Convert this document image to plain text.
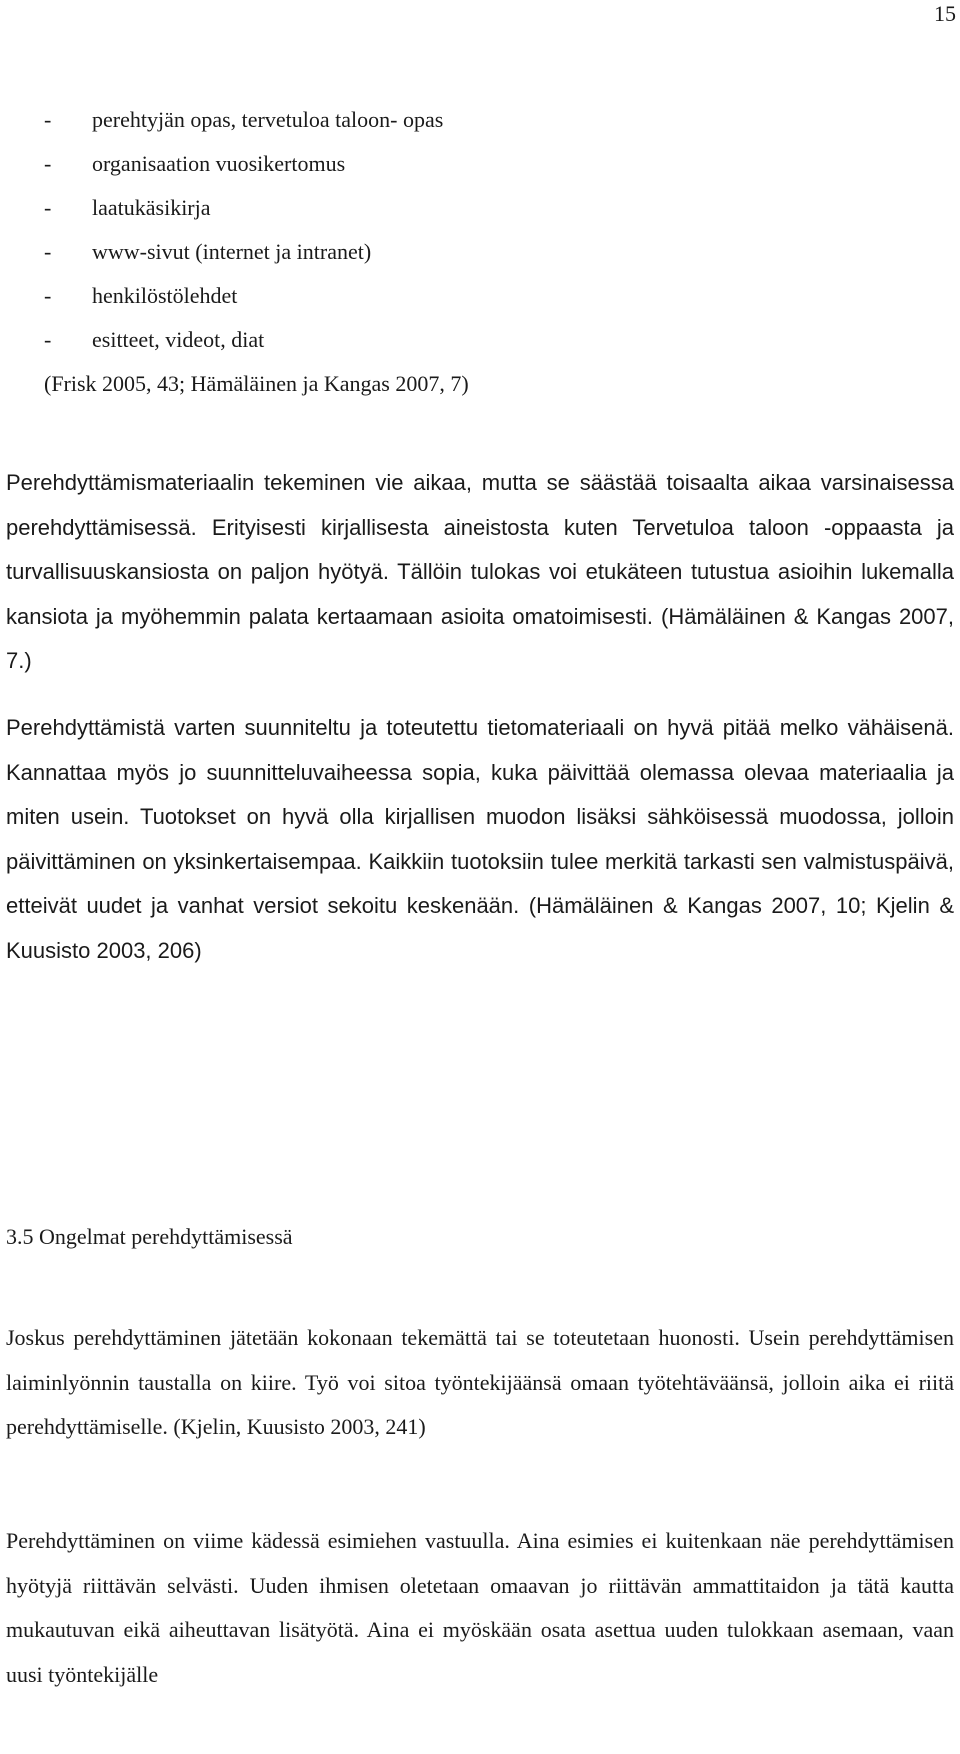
15
-	perehtyjän opas, tervetuloa taloon- opas
-	organisaation vuosikertomus
-	laatukäsikirja
-	www-sivut (internet ja intranet)
-	henkilöstölehdet
-	esitteet, videot, diat
(Frisk 2005, 43; Hämäläinen ja Kangas 2007, 7)

Perehdyttämismateriaalin tekeminen vie aikaa, mutta se säästää toisaalta aikaa varsinaisessa perehdyttämisessä. Erityisesti kirjallisesta aineistosta kuten Tervetuloa taloon -oppaasta ja turvallisuuskansiosta on paljon hyötyä. Tällöin tulokas voi etukäteen tutustua asioihin lukemalla kansiota ja myöhemmin palata kertaamaan asioita omatoimisesti. (Hämäläinen & Kangas 2007, 7.)

Perehdyttämistä varten suunniteltu ja toteutettu tietomateriaali on hyvä pitää melko vähäisenä. Kannattaa myös jo suunnitteluvaiheessa sopia, kuka päivittää olemassa olevaa materiaalia ja miten usein. Tuotokset on hyvä olla kirjallisen muodon lisäksi sähköisessä muodossa, jolloin päivittäminen on yksinkertaisempaa. Kaikkiin tuotoksiin tulee merkitä tarkasti sen valmistuspäivä, etteivät uudet ja vanhat versiot sekoitu keskenään. (Hämäläinen & Kangas 2007, 10; Kjelin & Kuusisto 2003, 206)

3.5 Ongelmat perehdyttämisessä

Joskus perehdyttäminen jätetään kokonaan tekemättä tai se toteutetaan huonosti. Usein perehdyttämisen laiminlyönnin taustalla on kiire. Työ voi sitoa työntekijäänsä omaan työtehtäväänsä, jolloin aika ei riitä perehdyttämiselle. (Kjelin, Kuusisto 2003, 241)

Perehdyttäminen on viime kädessä esimiehen vastuulla. Aina esimies ei kuitenkaan näe perehdyttämisen hyötyjä riittävän selvästi. Uuden ihmisen oletetaan omaavan jo riittävän ammattitaidon ja tätä kautta mukautuvan eikä aiheuttavan lisätyötä. Aina ei myöskään osata asettua uuden tulokkaan asemaan, vaan uusi työntekijälle
